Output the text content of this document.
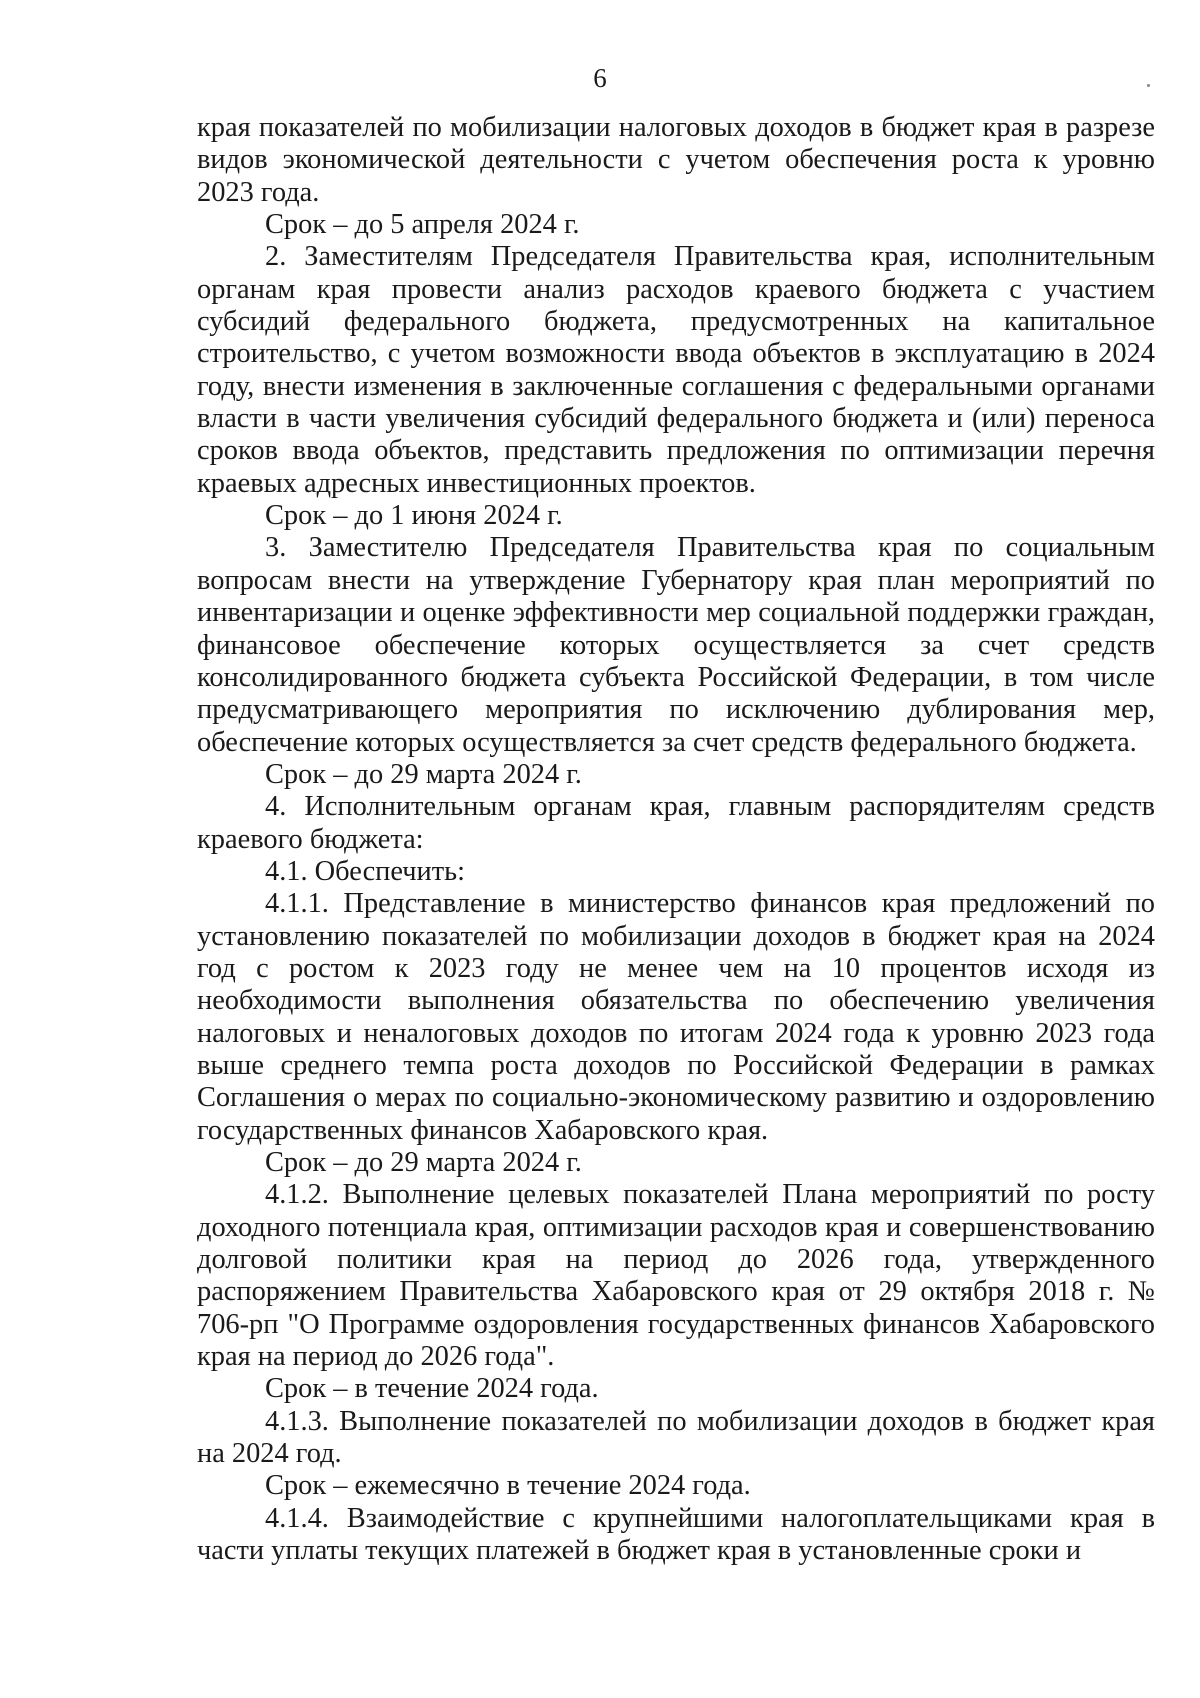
6

края показателей по мобилизации налоговых доходов в бюджет края в разрезе видов экономической деятельности с учетом обеспечения роста к уровню 2023 года.

Срок – до 5 апреля 2024 г.

2. Заместителям Председателя Правительства края, исполнительным органам края провести анализ расходов краевого бюджета с участием субсидий федерального бюджета, предусмотренных на капитальное строительство, с учетом возможности ввода объектов в эксплуатацию в 2024 году, внести изменения в заключенные соглашения с федеральными органами власти в части увеличения субсидий федерального бюджета и (или) переноса сроков ввода объектов, представить предложения по оптимизации перечня краевых адресных инвестиционных проектов.

Срок – до 1 июня 2024 г.

3. Заместителю Председателя Правительства края по социальным вопросам внести на утверждение Губернатору края план мероприятий по инвентаризации и оценке эффективности мер социальной поддержки граждан, финансовое обеспечение которых осуществляется за счет средств консолидированного бюджета субъекта Российской Федерации, в том числе предусматривающего мероприятия по исключению дублирования мер, обеспечение которых осуществляется за счет средств федерального бюджета.

Срок – до 29 марта 2024 г.

4. Исполнительным органам края, главным распорядителям средств краевого бюджета:

4.1. Обеспечить:

4.1.1. Представление в министерство финансов края предложений по установлению показателей по мобилизации доходов в бюджет края на 2024 год с ростом к 2023 году не менее чем на 10 процентов исходя из необходимости выполнения обязательства по обеспечению увеличения налоговых и неналоговых доходов по итогам 2024 года к уровню 2023 года выше среднего темпа роста доходов по Российской Федерации в рамках Соглашения о мерах по социально-экономическому развитию и оздоровлению государственных финансов Хабаровского края.

Срок – до 29 марта 2024 г.

4.1.2. Выполнение целевых показателей Плана мероприятий по росту доходного потенциала края, оптимизации расходов края и совершенствованию долговой политики края на период до 2026 года, утвержденного распоряжением Правительства Хабаровского края от 29 октября 2018 г. № 706-рп "О Программе оздоровления государственных финансов Хабаровского края на период до 2026 года".

Срок – в течение 2024 года.

4.1.3. Выполнение показателей по мобилизации доходов в бюджет края на 2024 год.

Срок – ежемесячно в течение 2024 года.

4.1.4. Взаимодействие с крупнейшими налогоплательщиками края в части уплаты текущих платежей в бюджет края в установленные сроки и
